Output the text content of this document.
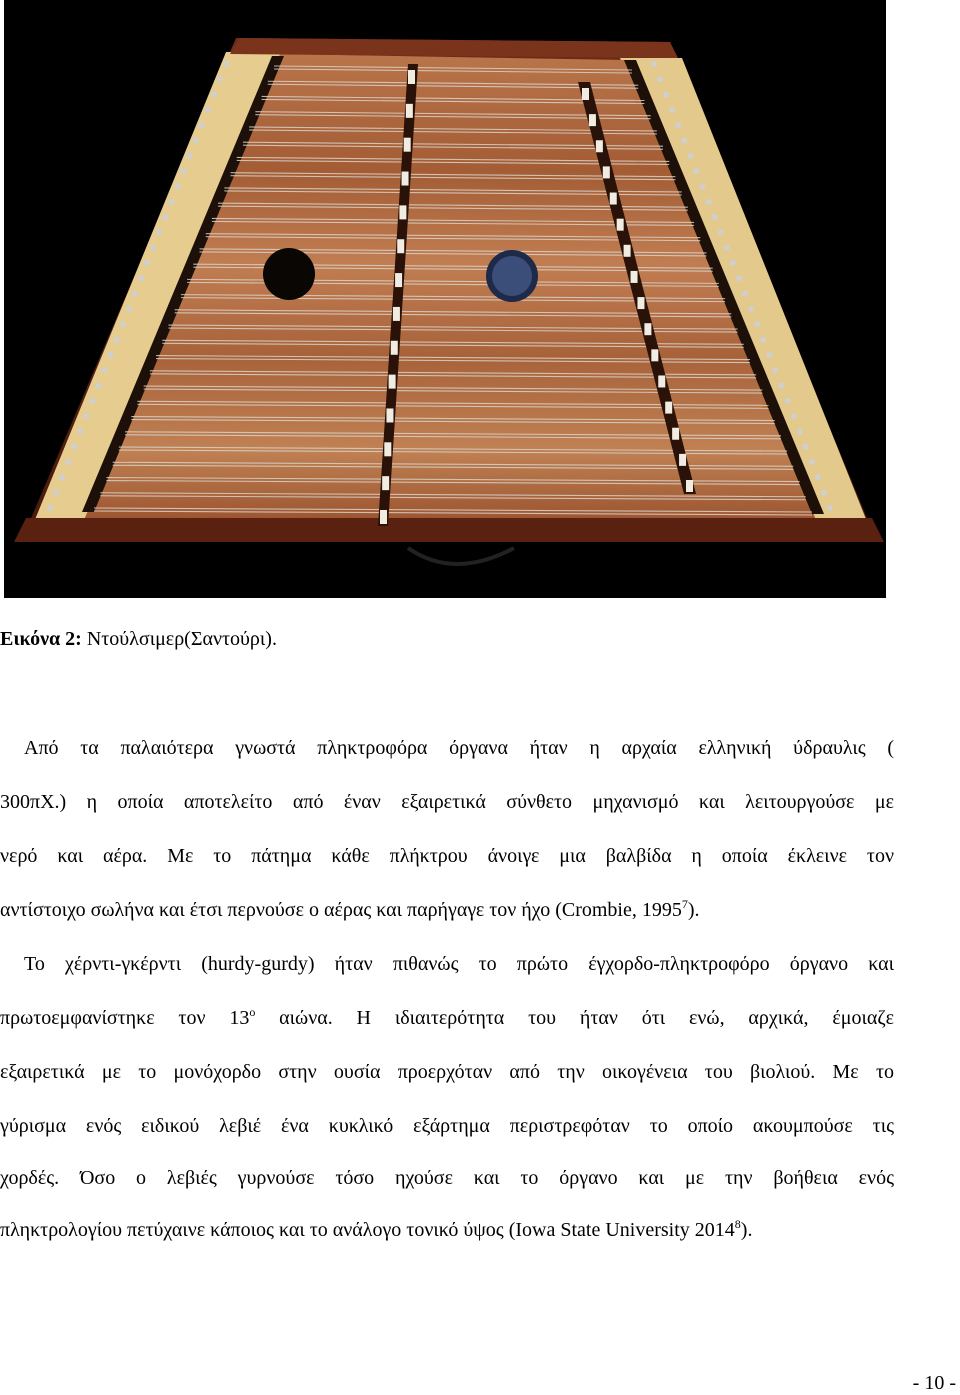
Εικόνα 2: Ντούλσιμερ(Σαντούρι).
Από τα παλαιότερα γνωστά πληκτροφόρα όργανα ήταν η αρχαία ελληνική ύδραυλις (
300πΧ.) η οποία αποτελείτο από έναν εξαιρετικά σύνθετο μηχανισμό και λειτουργούσε με
νερό και αέρα. Με το πάτημα κάθε πλήκτρου άνοιγε μια βαλβίδα η οποία έκλεινε τον
αντίστοιχο σωλήνα και έτσι περνούσε ο αέρας και παρήγαγε τον ήχο (Crombie, 1995$^7$).
Το χέρντι-γκέρντι (hurdy-gurdy) ήταν πιθανώς το πρώτο έγχορδο-πληκτροφόρο όργανο και
πρωτοεμφανίστηκε τον $13^o$ αιώνα. Η ιδιαιτερότητα του ήταν ότι ενώ, αρχικά, έμοιαζε
εξαιρετικά με το μονόχορδο στην ουσία προερχόταν από την οικογένεια του βιολιού. Με το
γύρισμα ενός ειδικού λεβιέ ένα κυκλικό εξάρτημα περιστρεφόταν το οποίο ακουμπούσε τις
χορδές. Όσο ο λεβιές γυρνούσε τόσο ηχούσε και το όργανο και με την βοήθεια ενός
πληκτρολογίου πετύχαινε κάποιος και το ανάλογο τονικό ύψος (Iowa State University 2014$^8$).
- 10 -
